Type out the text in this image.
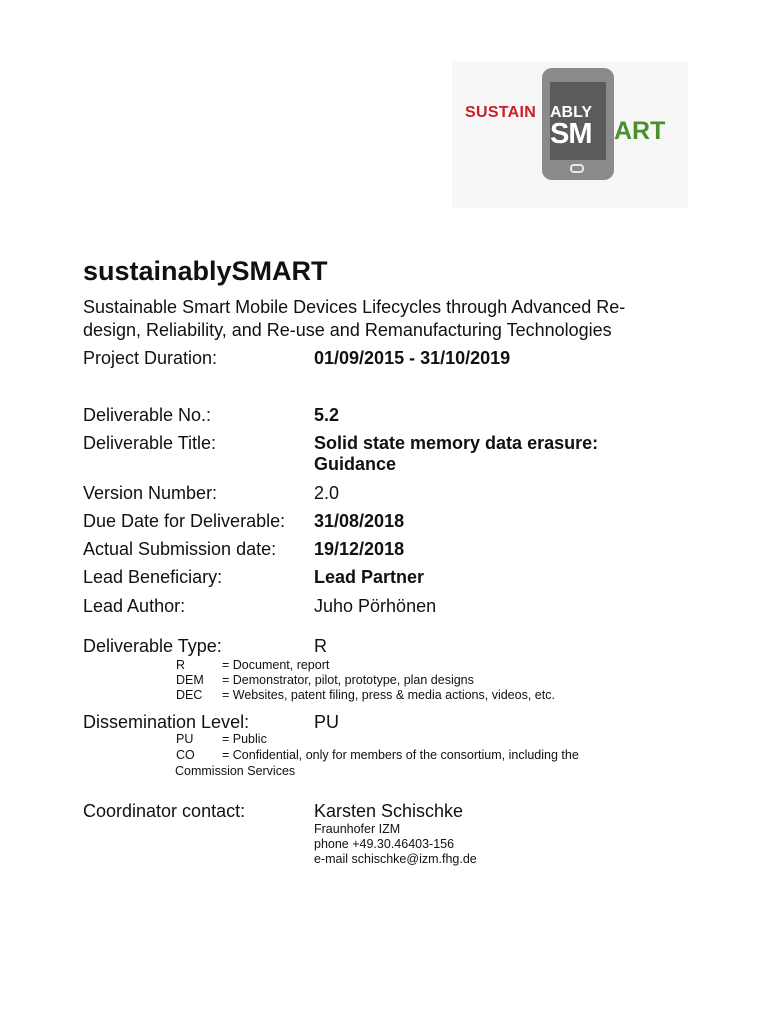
SUSTAIN ABLY
SM ART
sustainablySMART

Sustainable Smart Mobile Devices Lifecycles through Advanced Re-design, Reliability, and Re-use and Remanufacturing Technologies

Project Duration:	01/09/2015 - 31/10/2019
Deliverable No.:	5.2
Deliverable Title:	Solid state memory data erasure: Guidance
Version Number:	2.0
Due Date for Deliverable: 31/08/2018
Actual Submission date: 19/12/2018
Lead Beneficiary:	Lead Partner
Lead Author:	Juho Pörhönen
Deliverable Type:	R
R	= Document, report
DEM	= Demonstrator, pilot, prototype, plan designs
DEC	= Websites, patent filing, press & media actions, videos, etc.
Dissemination Level:	PU
PU	= Public
CO	= Confidential, only for members of the consortium, including the
Commission Services
Coordinator contact:	Karsten Schischke
Fraunhofer IZM
phone +49.30.46403-156
e-mail schischke@izm.fhg.de
